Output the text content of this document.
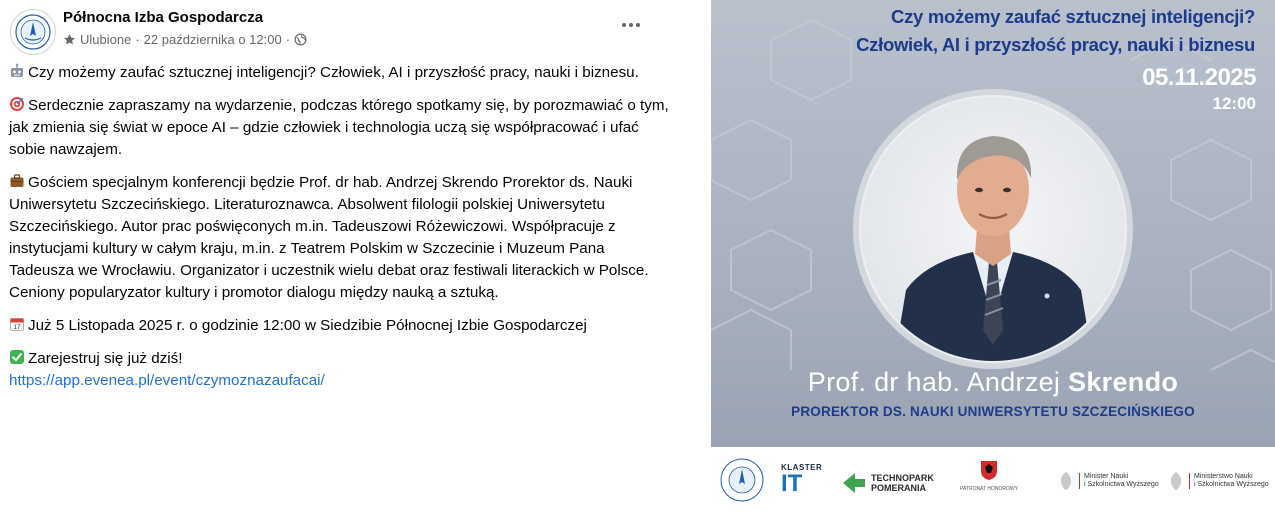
Północna Izba Gospodarcza
Ulubione · 22 października o 12:00 ·

Czy możemy zaufać sztucznej inteligencji? Człowiek, AI i przyszłość pracy, nauki i biznesu.

Serdecznie zapraszamy na wydarzenie, podczas którego spotkamy się, by porozmawiać o tym, jak zmienia się świat w epoce AI – gdzie człowiek i technologia uczą się współpracować i ufać sobie nawzajem.

Gościem specjalnym konferencji będzie Prof. dr hab. Andrzej Skrendo Prorektor ds. Nauki Uniwersytetu Szczecińskiego. Literaturoznawca. Absolwent filologii polskiej Uniwersytetu Szczecińskiego. Autor prac poświęconych m.in. Tadeuszowi Różewiczowi. Współpracuje z instytucjami kultury w całym kraju, m.in. z Teatrem Polskim w Szczecinie i Muzeum Pana Tadeusza we Wrocławiu. Organizator i uczestnik wielu debat oraz festiwali literackich w Polsce. Ceniony popularyzator kultury i promotor dialogu między nauką a sztuką.

17 Już 5 Listopada 2025 r. o godzinie 12:00 w Siedzibie Północnej Izbie Gospodarczej

Zarejestruj się już dziś!
https://app.evenea.pl/event/czymoznazaufacai/

Czy możemy zaufać sztucznej inteligencji?
Człowiek, AI i przyszłość pracy, nauki i biznesu
05.11.2025
12:00
Prof. dr hab. Andrzej Skrendo
PROREKTOR DS. NAUKI UNIWERSYTETU SZCZECIŃSKIEGO
KLASTER
IT	TECHNOPARK
POMERANIA	PATRONAT HONOROWY
Minister Nauki
i Szkolnictwa Wyższego
Ministerstwo Nauki
i Szkolnictwa Wyższego
